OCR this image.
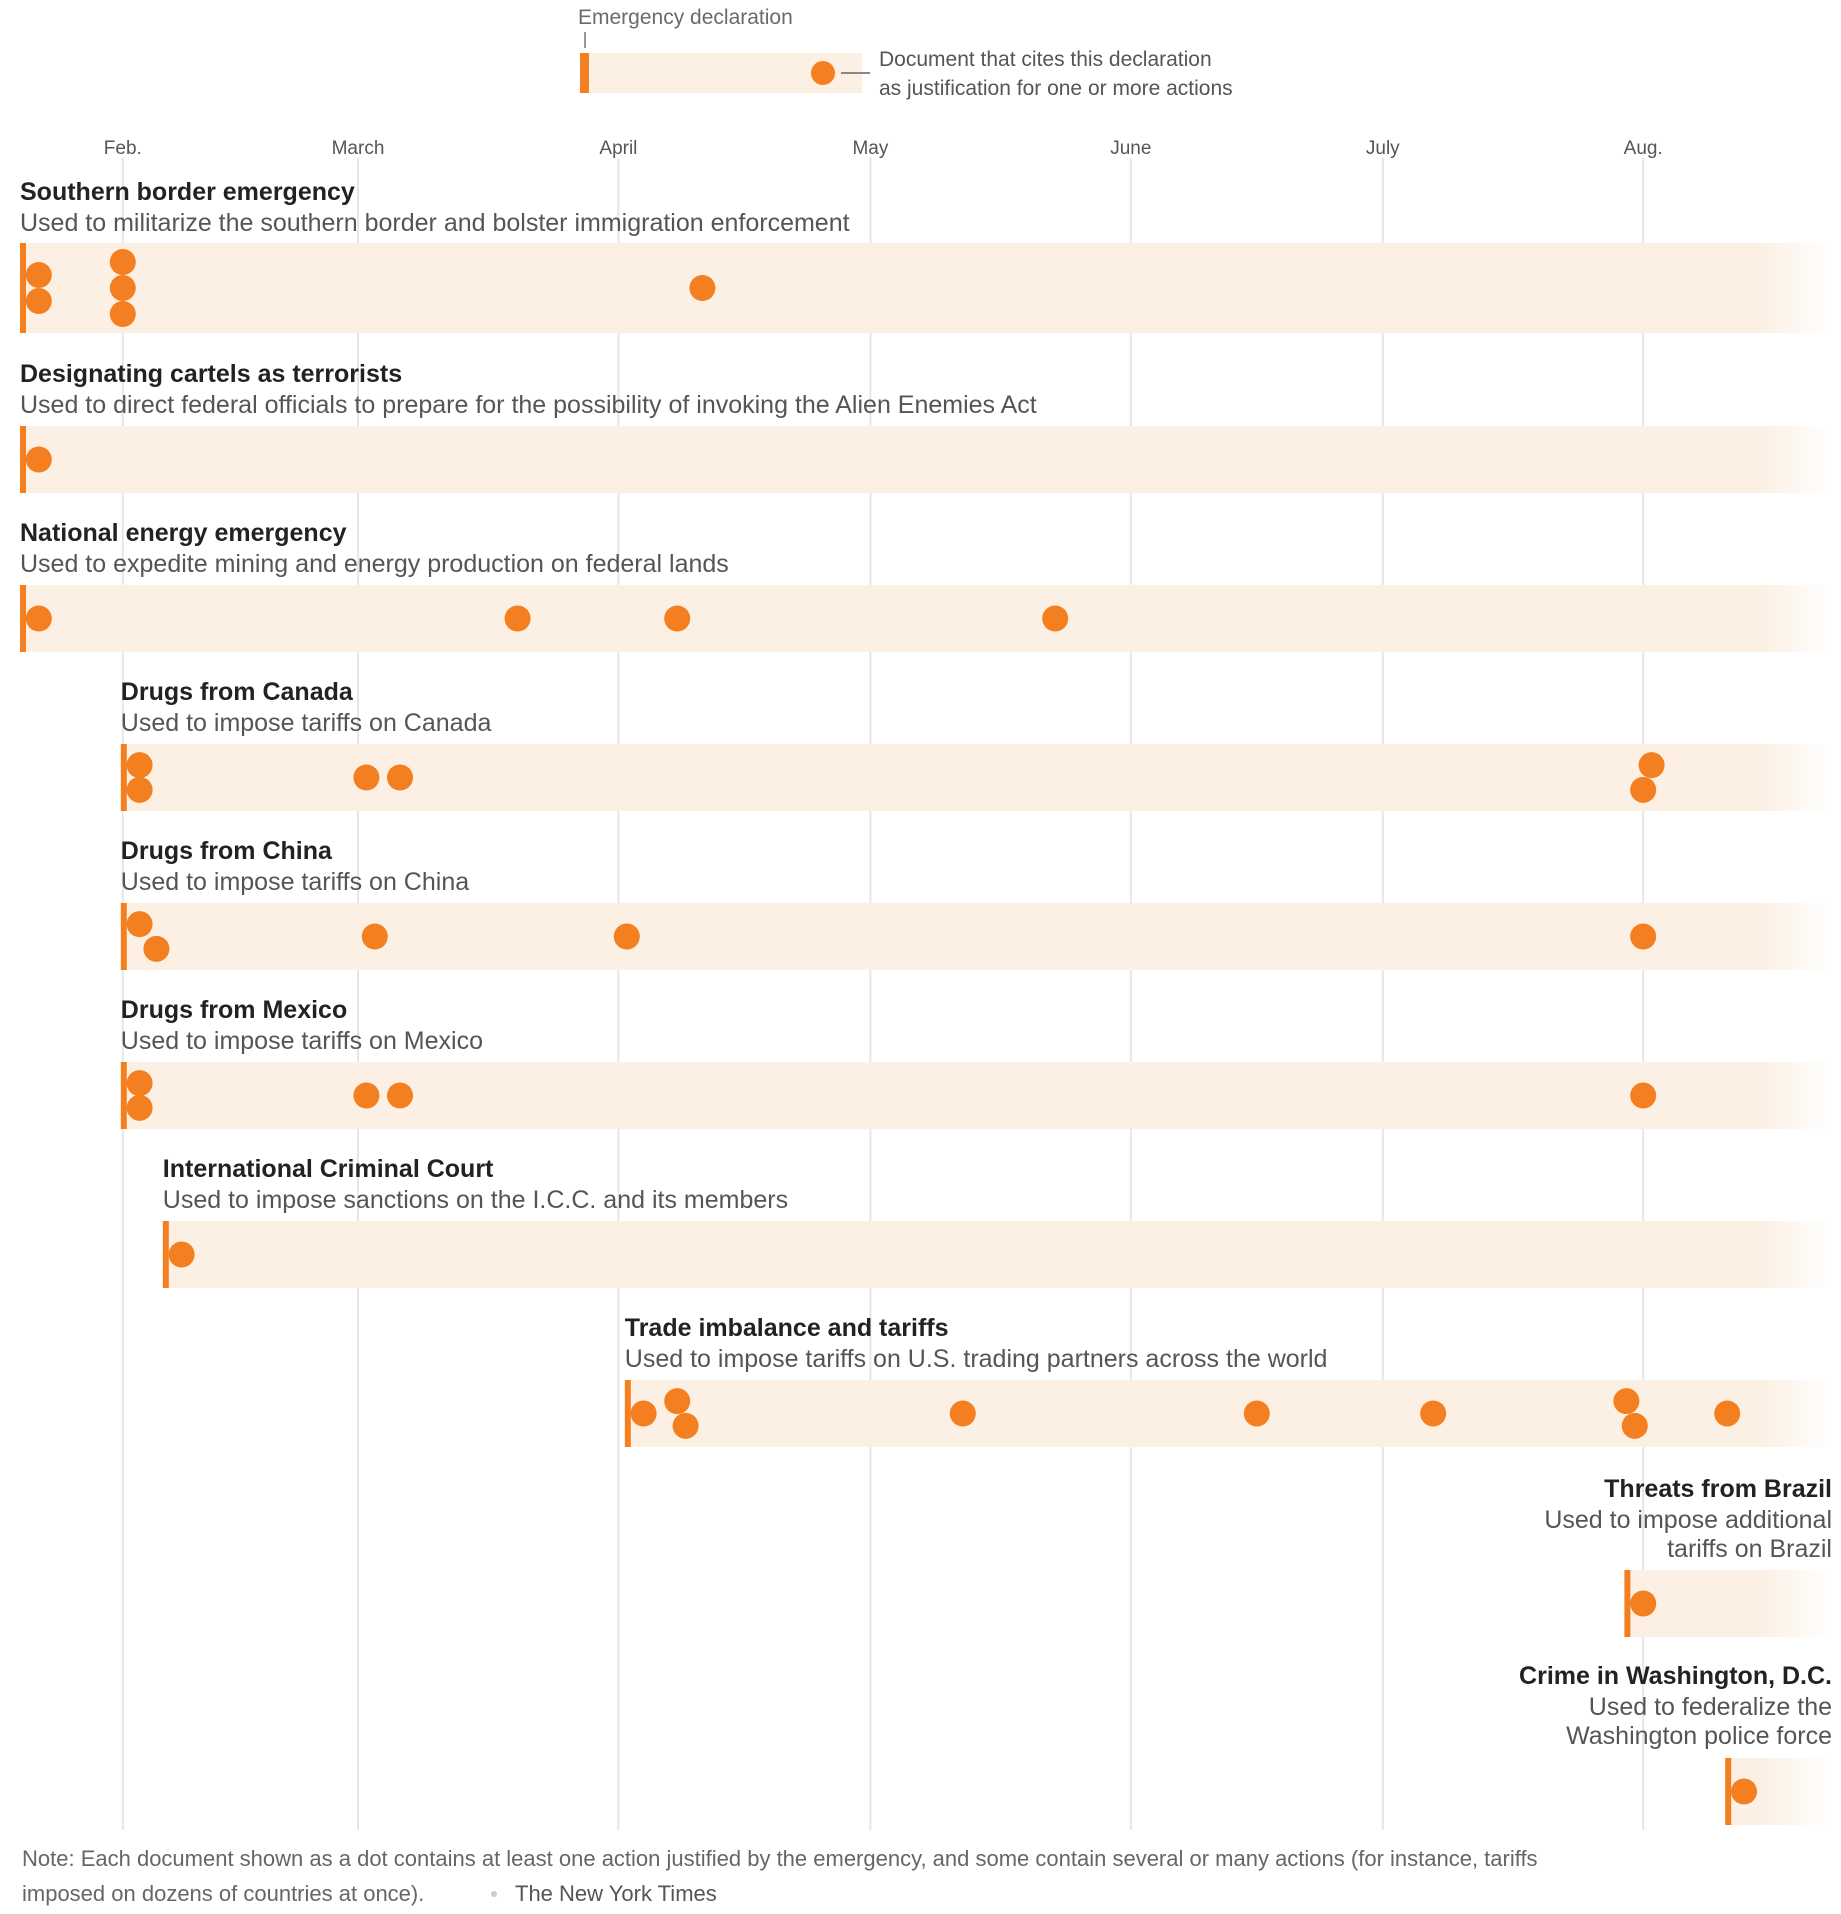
Feb.	March	April	May	June	July	Aug.
Emergency declaration
Document that cites this declaration
as justification for one or more actions
Southern border emergency
Used to militarize the southern border and bolster immigration enforcement
Designating cartels as terrorists
Used to direct federal officials to prepare for the possibility of invoking the Alien Enemies Act
National energy emergency
Used to expedite mining and energy production on federal lands
Drugs from Canada
Used to impose tariffs on Canada
Drugs from China
Used to impose tariffs on China
Drugs from Mexico
Used to impose tariffs on Mexico
International Criminal Court
Used to impose sanctions on the I.C.C. and its members
Trade imbalance and tariffs
Used to impose tariffs on U.S. trading partners across the world
Threats from Brazil
Used to impose additional
tariffs on Brazil
Crime in Washington, D.C.
Used to federalize the
Washington police force
Note: Each document shown as a dot contains at least one action justified by the emergency, and some contain several or many actions (for instance, tariffs
imposed on dozens of countries at once).	The New York Times
